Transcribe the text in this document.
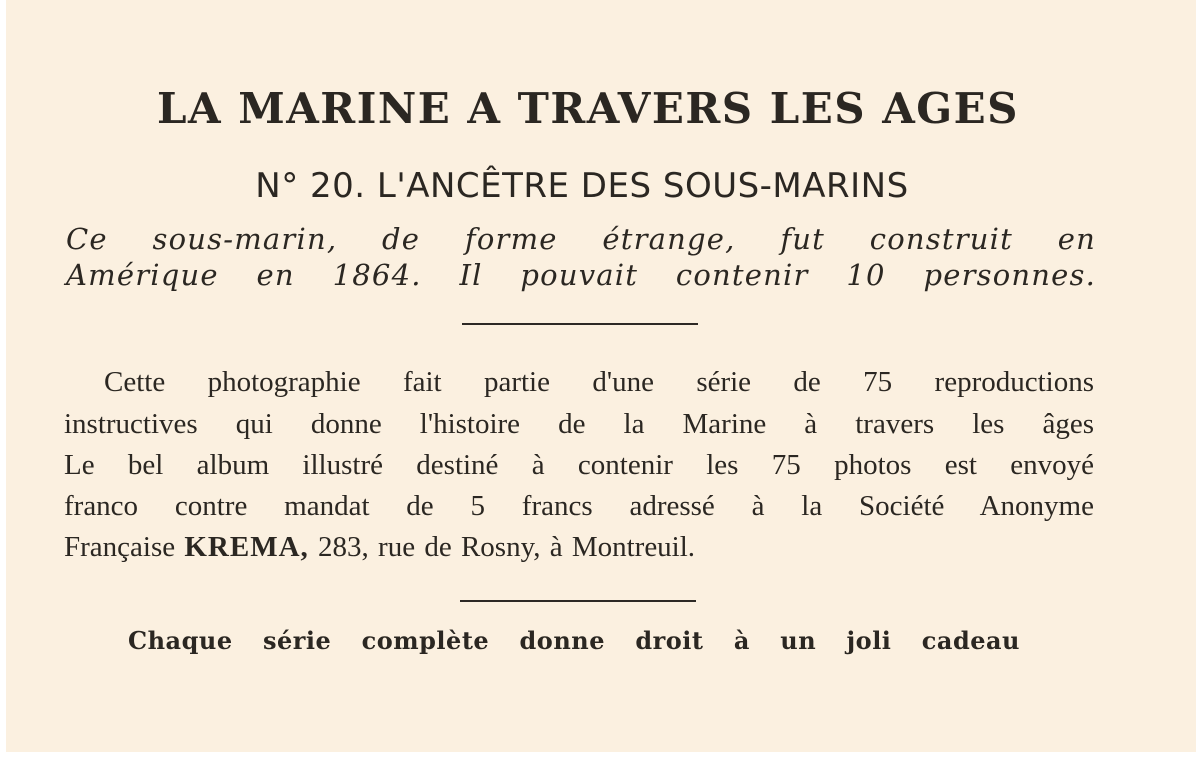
LA MARINE A TRAVERS LES AGES
N° 20. L'ANCÊTRE DES SOUS-MARINS
Ce sous-marin, de forme étrange, fut construit en
Amérique en 1864. Il pouvait contenir 10 personnes.
Cette photographie fait partie d'une série de 75 reproductions
instructives qui donne l'histoire de la Marine à travers les âges
Le bel album illustré destiné à contenir les 75 photos est envoyé
franco contre mandat de 5 francs adressé à la Société Anonyme
Française KREMA, 283, rue de Rosny, à Montreuil.
Chaque série complète donne droit à un joli cadeau
